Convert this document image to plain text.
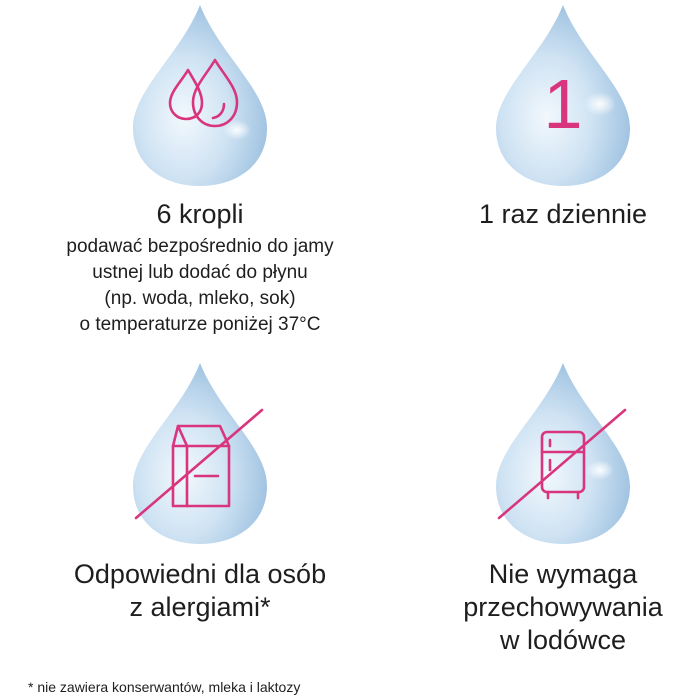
6 kropli
podawać bezpośrednio do jamy
ustnej lub dodać do płynu
(np. woda, mleko, sok)
o temperaturze poniżej 37°C
1
1 raz dziennie
Odpowiedni dla osób
z alergiami*
Nie wymaga
przechowywania
w lodówce
* nie zawiera konserwantów, mleka i laktozy
